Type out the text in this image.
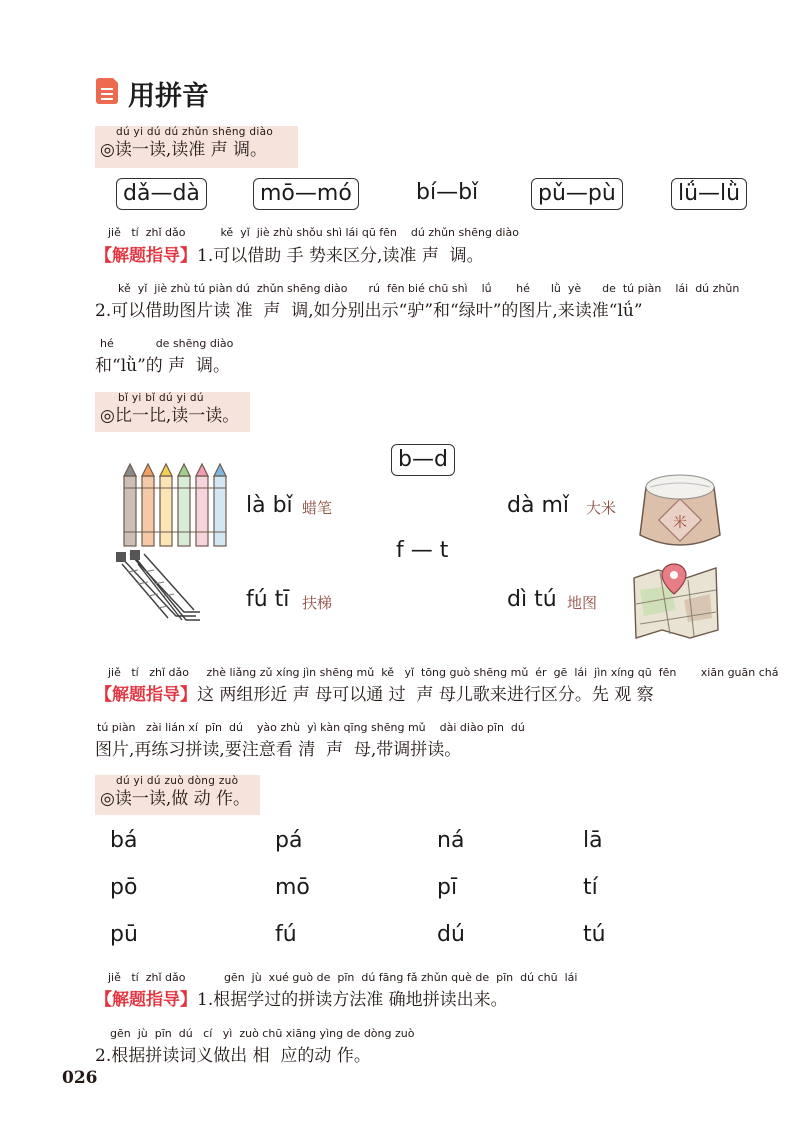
用拼音
dú yi dú dú zhǔn shēng diào
◎读一读,读准 声 调。
dǎ—dà	mō—mó	bí—bǐ	pǔ—pù	lǘ—lǜ
jiě   tí  zhǐ dǎo          kě  yǐ  jiè zhù shǒu shì lái qū fēn    dú zhǔn shēng diào
【解题指导】1.可以借助 手 势来区分,读准 声  调。
kě  yǐ  jiè zhù tú piàn dú  zhǔn shēng diào      rú  fēn bié chū shì    lǘ       hé      lǜ  yè      de  tú piàn    lái  dú zhǔn
2.可以借助图片读 准  声  调,如分别出示“驴”和“绿叶”的图片,来读准“lǘ”
hé            de shēng diào
和“lǜ”的 声  调。
bǐ yi bǐ dú yi dú
◎比一比,读一读。
b—d
f — t
là bǐ 蜡笔
米
dà mǐ 大米
fú tī 扶梯	dì tú 地图
jiě   tí   zhǐ dǎo     zhè liǎng zǔ xíng jìn shēng mǔ  kě   yǐ  tōng guò shēng mǔ  ér  gē  lái  jìn xíng qū  fēn       xiān guān chá
【解题指导】这 两组形近 声 母可以通 过  声 母儿歌来进行区分。先 观 察
tú piàn   zài lián xí  pīn  dú    yào zhù  yì kàn qīng shēng mǔ    dài diào pīn  dú
图片,再练习拼读,要注意看 清  声  母,带调拼读。
dú yi dú zuò dòng zuò
◎读一读,做 动 作。
bá	pá	ná	lā
pō	mō	pī	tí
pū	fú	dú	tú
jiě   tí  zhǐ dǎo           gēn  jù  xué guò de  pīn  dú fāng fǎ zhǔn què de  pīn  dú chū  lái
【解题指导】1.根据学过的拼读方法准 确地拼读出来。
gēn  jù  pīn  dú   cí   yì  zuò chū xiāng yìng de dòng zuò
2.根据拼读词义做出 相  应的动 作。
026
